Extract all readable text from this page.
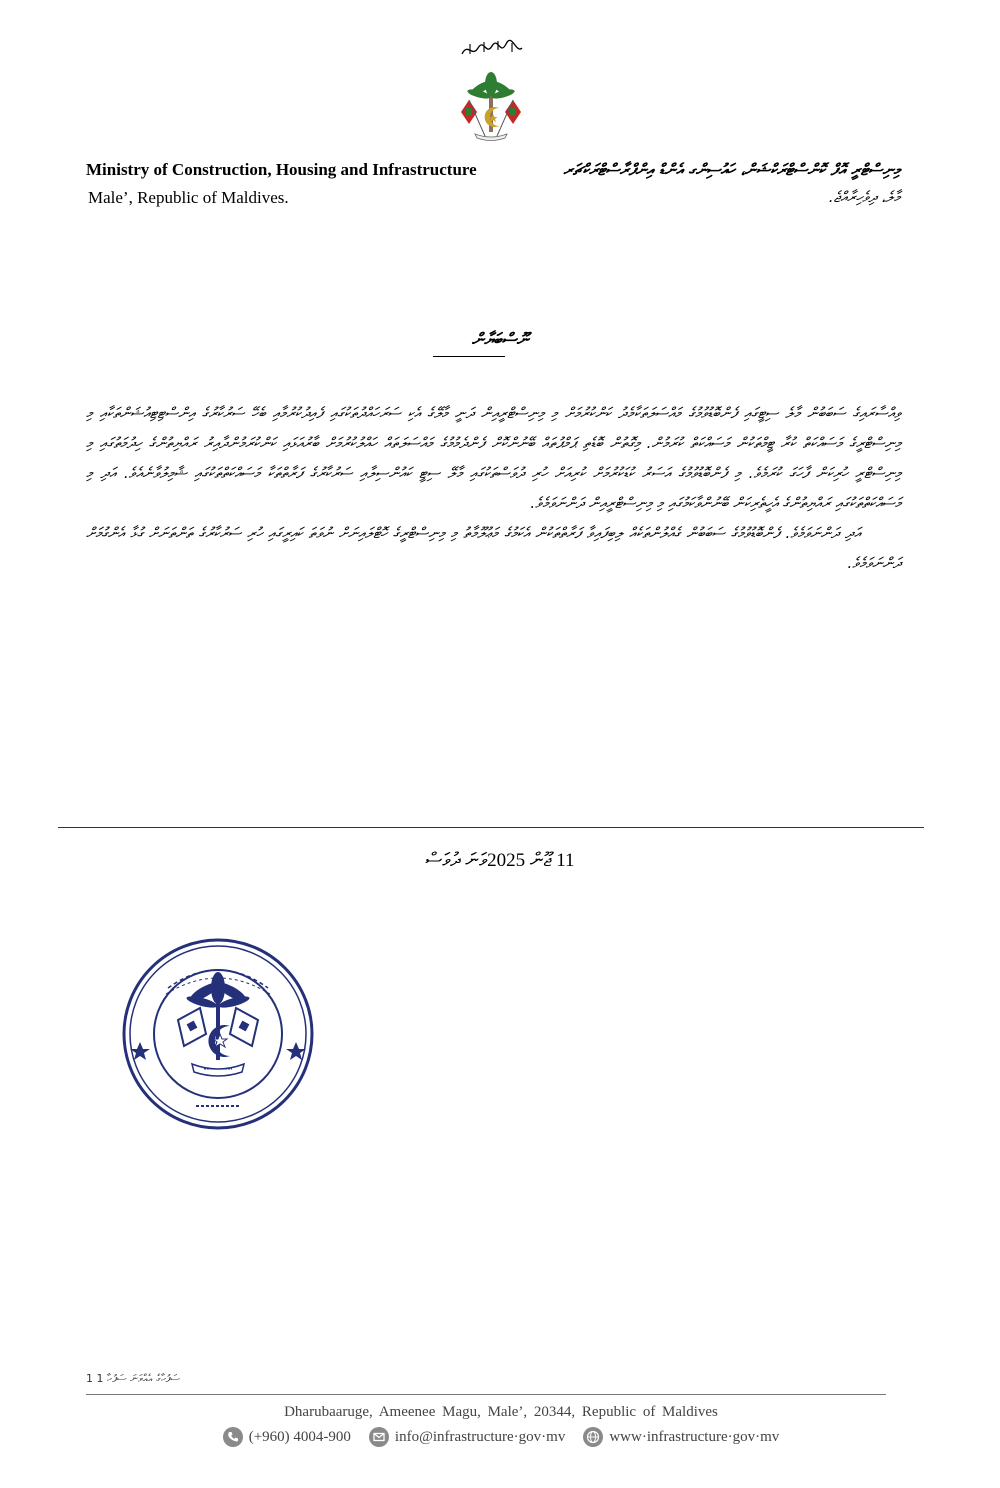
Ministry of Construction, Housing and Infrastructure
Male’, Republic of Maldives.
މިނިސްޓްރީ އޮފް ކޮންސްޓްރަކްޝަން، ހައުސިންގ އެންޑް އިންފްރާސްޓްރަކްޗަރ
މާލެ، ދިވެހިރާއްޖެ.
ނޫސްބަޔާން

ވިއްސާރައިގެ ސަބަބުން މާލެ ސިޓީގައި ފެންބޮޑުވުމުގެ މައްސަލަތަކާމެދު ކަންކުރުމަށް މި މިނިސްޓްރީއިން ދަނީ މާލޭގެ އެކި ސަރަހައްދުތަކުގައި ފެއިދުކުރުމާއި ބެހޭ ސަރުކާރުގެ އިންސްޓިޓިއުޝަންތަކާއި މި މިނިސްޓްރީގެ މަސައްކަތް ކުރާ ޓީމްތަކުން މަސައްކަތް ކުރަމުން. މިގޮތުން ބޮޑެތި ޕަމްޕުތައް ބޭނުންކޮށް ފެންދެމުމުގެ މައްސަލަތައް ހައްލުކުރުމަށް ބާރުއަޅައި ކަންކުރަމުންދާއިރު ރައްޔިތުންގެ ހިދުމަތުގައި މި މިނިސްޓްރީ ހުރިކަން ފާހަގަ ކުރަމެވެ. މި ފެންބޮޑުވުމުގެ އަސަރު ކުޑަކުރުމަށް ކުރިއަށް ހުރި ދުވަސްތަކުގައި މާލޭ ސިޓީ ކައުންސިލާއި ސަރުކާރުގެ ފަރާތްތަކާ މަސައްކަތްތަކުގައި ޝާމިލުވާނެއެވެ. އަދި މި މަސައްކަތްތަކުގައި ރައްޔިތުންގެ އެހީތެރިކަން ބޭނުންވާކަމުގައި މި މިނިސްޓްރީއިން ދަންނަވަމެވެ.

އަދި ދަންނަވަމެވެ. ފެންބޮޑުވުމުގެ ސަބަބުން ގެއްލުންތަކެއް ލިބިފައިވާ ފަރާތްތަކުން އެކަމުގެ މަޢުލޫމާތު މި މިނިސްޓްރީގެ ހޮޓްލައިނަށް ނުވަތަ ކައިރީގައި ހުރި ސަރުކާރުގެ ތަންތަނަށް ގުޅާ އެންގުމަށް ދަންނަވަމެވެ.

11 ޖޫން 2025ވަނަ ދުވަސް
1 ސަފުހާގެ އެއްވަނަ ސަފުހާ 1
Dharubaaruge, Ameenee Magu, Male’, 20344, Republic of Maldives
(+960) 4004-900	info@infrastructure·gov·mv	www·infrastructure·gov·mv
